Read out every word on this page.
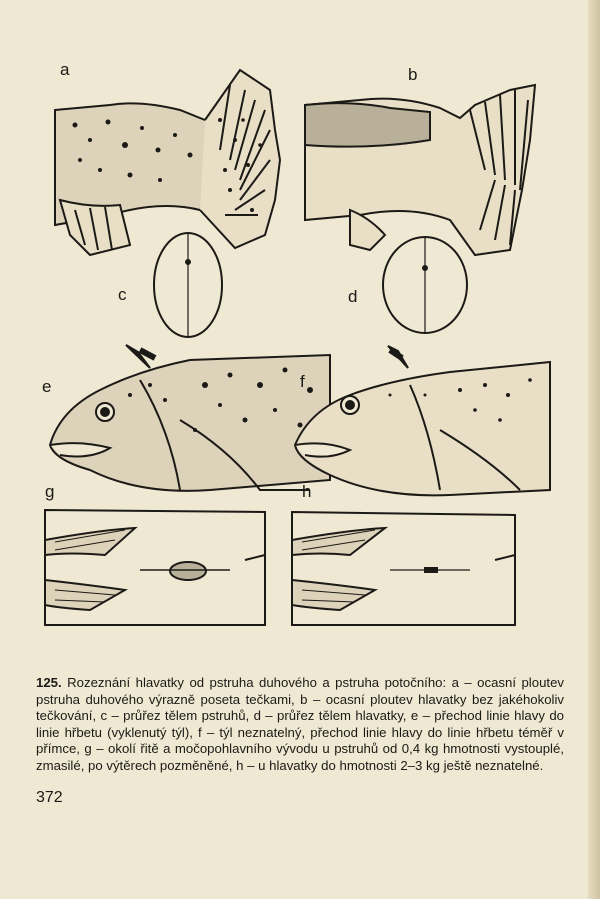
a	b
c	d
e	f
g	h
125. Rozeznání hlavatky od pstruha duhového a pstruha potočního: a – ocasní ploutev pstruha duhového výrazně poseta tečkami, b – ocasní ploutev hlavatky bez jakéhokoliv tečkování, c – průřez tělem pstruhů, d – průřez tělem hlavatky, e – přechod linie hlavy do linie hřbetu (vyklenutý týl), f – týl neznatelný, přechod linie hlavy do linie hřbetu téměř v přímce, g – okolí řitě a močopohlavního vývodu u pstruhů od 0,4 kg hmotnosti vystouplé, zmasilé, po výtěrech pozměněné, h – u hlavatky do hmotnosti 2–3 kg ještě neznatelné.
372
